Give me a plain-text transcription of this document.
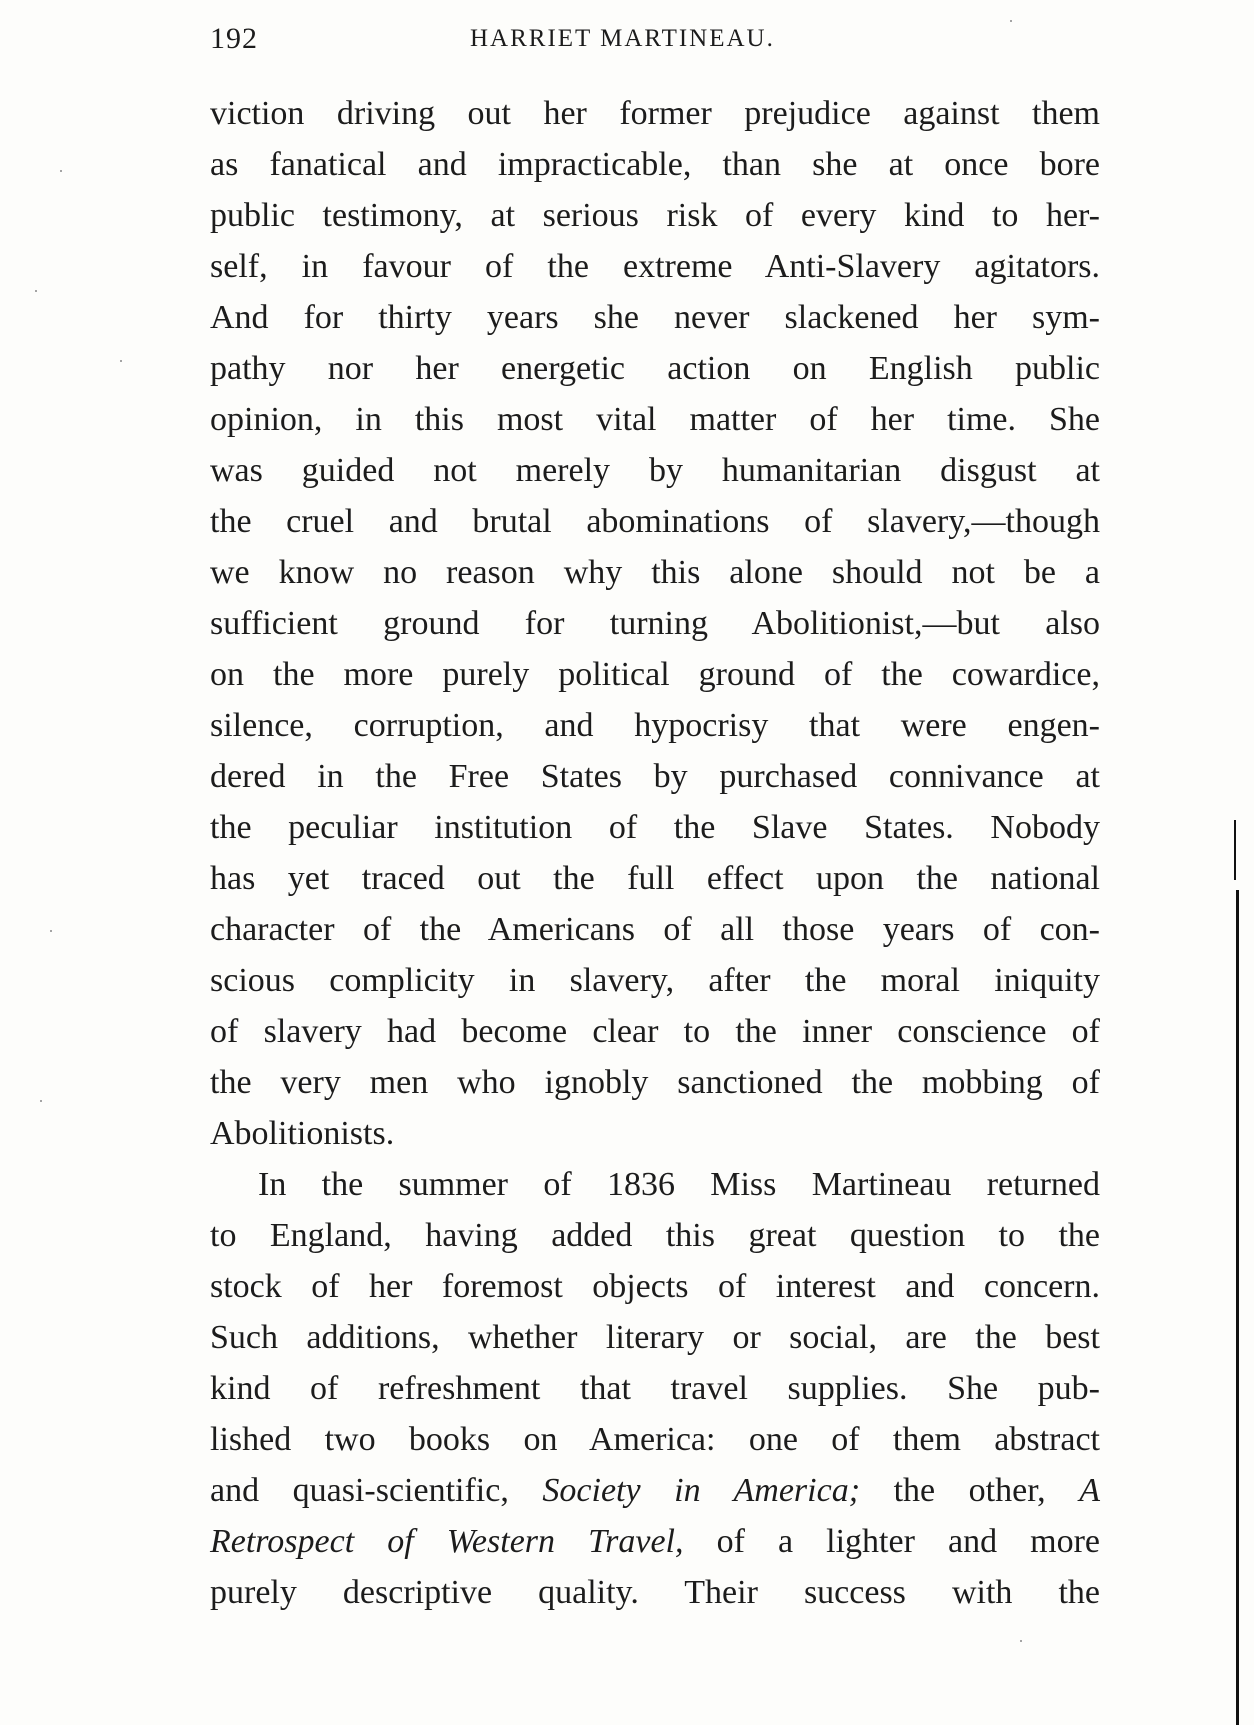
192	HARRIET MARTINEAU.
viction driving out her former prejudice against them
as fanatical and impracticable, than she at once bore
public testimony, at serious risk of every kind to her-
self, in favour of the extreme Anti-Slavery agitators.
And for thirty years she never slackened her sym-
pathy nor her energetic action on English public
opinion, in this most vital matter of her time. She
was guided not merely by humanitarian disgust at
the cruel and brutal abominations of slavery,—though
we know no reason why this alone should not be a
sufficient ground for turning Abolitionist,—but also
on the more purely political ground of the cowardice,
silence, corruption, and hypocrisy that were engen-
dered in the Free States by purchased connivance at
the peculiar institution of the Slave States. Nobody
has yet traced out the full effect upon the national
character of the Americans of all those years of con-
scious complicity in slavery, after the moral iniquity
of slavery had become clear to the inner conscience of
the very men who ignobly sanctioned the mobbing of
Abolitionists.
In the summer of 1836 Miss Martineau returned
to England, having added this great question to the
stock of her foremost objects of interest and concern.
Such additions, whether literary or social, are the best
kind of refreshment that travel supplies. She pub-
lished two books on America: one of them abstract
and quasi-scientific, Society in America; the other, A
Retrospect of Western Travel, of a lighter and more
purely descriptive quality. Their success with the
